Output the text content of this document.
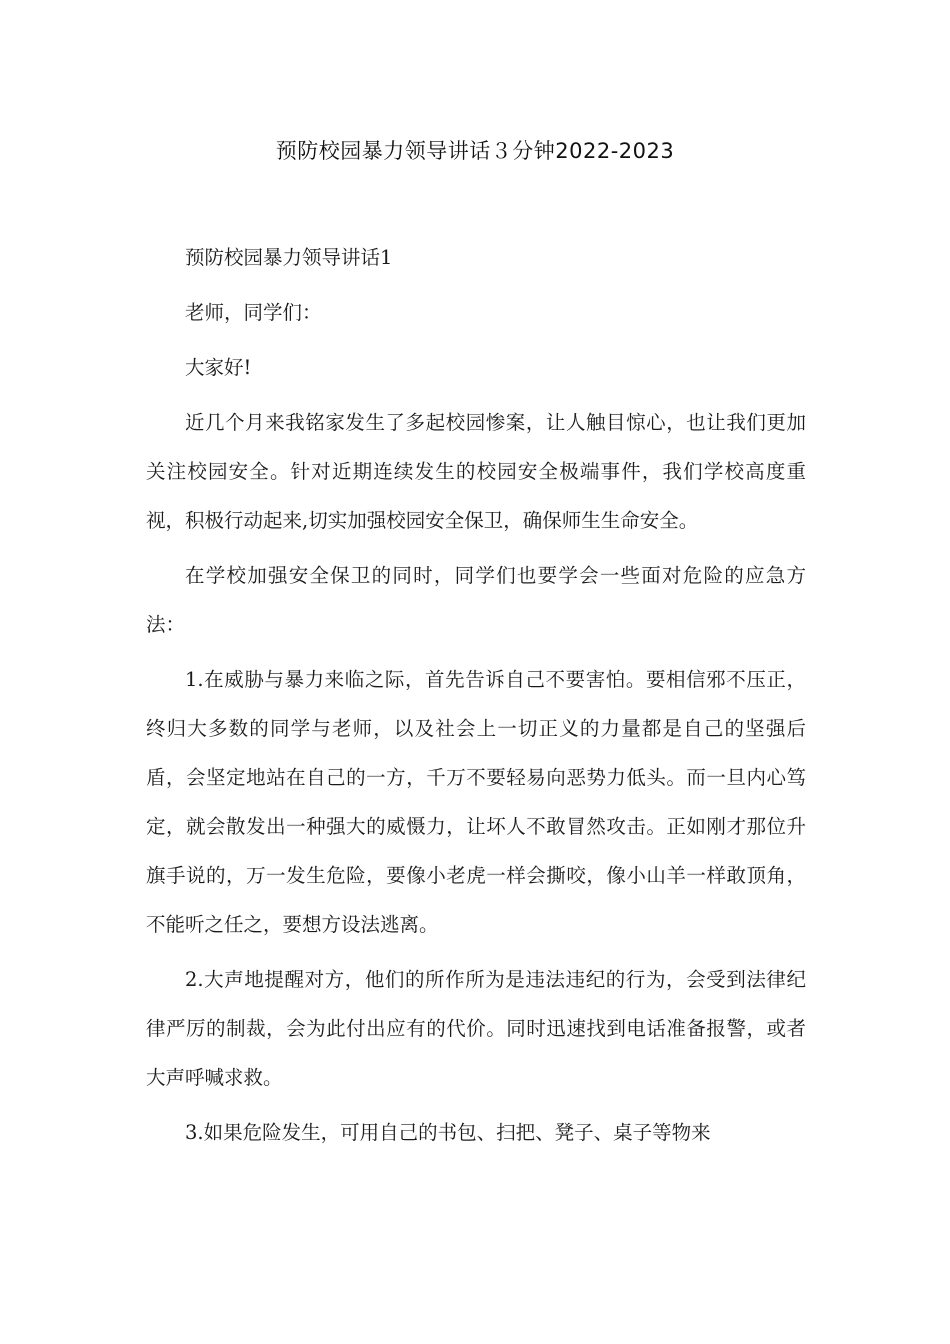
预防校园暴力领导讲话３分钟2022-2023

预防校园暴力领导讲话1

老师，同学们：

大家好!

近几个月来我铭家发生了多起校园惨案，让人触目惊心，也让我们更加关注校园安全。针对近期连续发生的校园安全极端事件，我们学校高度重视，积极行动起来,切实加强校园安全保卫，确保师生生命安全。

在学校加强安全保卫的同时，同学们也要学会一些面对危险的应急方法：

1.在威胁与暴力来临之际，首先告诉自己不要害怕。要相信邪不压正，终归大多数的同学与老师，以及社会上一切正义的力量都是自己的坚强后盾，会坚定地站在自己的一方，千万不要轻易向恶势力低头。而一旦内心笃定，就会散发出一种强大的威慑力，让坏人不敢冒然攻击。正如刚才那位升旗手说的，万一发生危险，要像小老虎一样会撕咬，像小山羊一样敢顶角，不能听之任之，要想方设法逃离。

2.大声地提醒对方，他们的所作所为是违法违纪的行为，会受到法律纪律严厉的制裁，会为此付出应有的代价。同时迅速找到电话准备报警，或者大声呼喊求救。

3.如果危险发生，可用自己的书包、扫把、凳子、桌子等物来
